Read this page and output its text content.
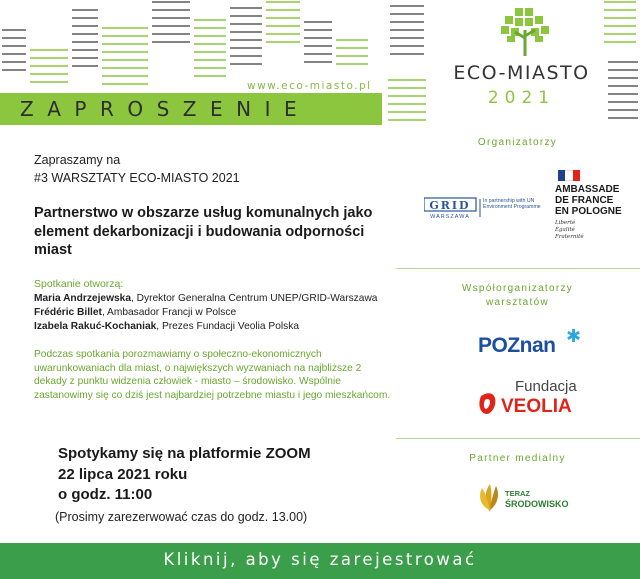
www.eco-miasto.pl
ZAPROSZENIE
ECO-MIASTO
2021
Zapraszamy na
#3 WARSZTATY ECO-MIASTO 2021
Partnerstwo w obszarze usług komunalnych jako element dekarbonizacji i budowania odporności miast
Spotkanie otworzą:
Maria Andrzejewska, Dyrektor Generalna Centrum UNEP/GRID-Warszawa
Frédéric Billet, Ambasador Francji w Polsce
Izabela Rakuć-Kochaniak, Prezes Fundacji Veolia Polska
Podczas spotkania porozmawiamy o społeczno-ekonomicznych uwarunkowaniach dla miast, o największych wyzwaniach na najbliższe 2 dekady z punktu widzenia człowiek - miasto – środowisko. Wspólnie zastanowimy się co dziś jest najbardziej potrzebne miastu i jego mieszkańcom.
Spotykamy się na platformie ZOOM
22 lipca 2021 roku
o godz. 11:00
(Prosimy zarezerwować czas do godz. 13.00)
Organizatorzy
GRID
WARSZAWA
In partnership with UN Environment Programme
AMBASSADE
DE FRANCE
EN POLOGNE
Liberté
Égalité
Fraternité
Współorganizatorzy
warsztatów
POZnan ✱
Fundacja
VEOLIA
Partner medialny
TERAZ
ŚRODOWISKO
Kliknij, aby się zarejestrować
